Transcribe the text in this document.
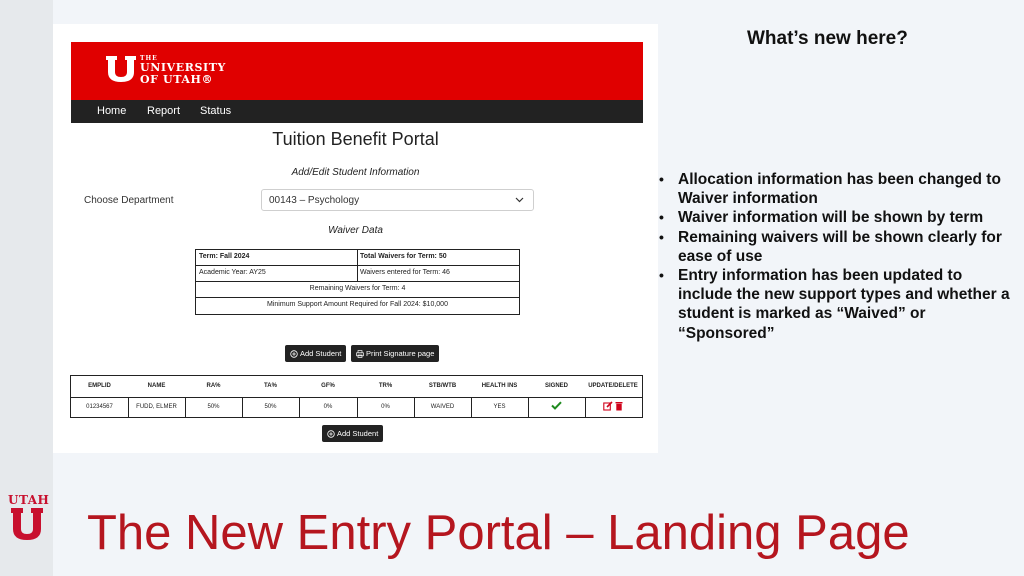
UTAH
THE
UNIVERSITY
OF UTAH®
Home Report Status
Tuition Benefit Portal
Add/Edit Student Information
Choose Department	00143 – Psychology
Waiver Data
Term: Fall 2024	Total Waivers for Term: 50
Academic Year: AY25	Waivers entered for Term: 46
Remaining Waivers for Term: 4
Minimum Support Amount Required for Fall 2024: $10,000
Add Student	Print Signature page
EMPLID	NAME	RA%	TA%	GF%	TR%	STB/WTB	HEALTH INS	SIGNED	UPDATE/DELETE
01234567	FUDD, ELMER	50%	50%	0%	0%	WAIVED	YES

Add Student
What’s new here?
• Allocation information has been changed to Waiver information
• Waiver information will be shown by term
• Remaining waivers will be shown clearly for ease of use
• Entry information has been updated to include the new support types and whether a student is marked as “Waived” or “Sponsored”
The New Entry Portal – Landing Page
